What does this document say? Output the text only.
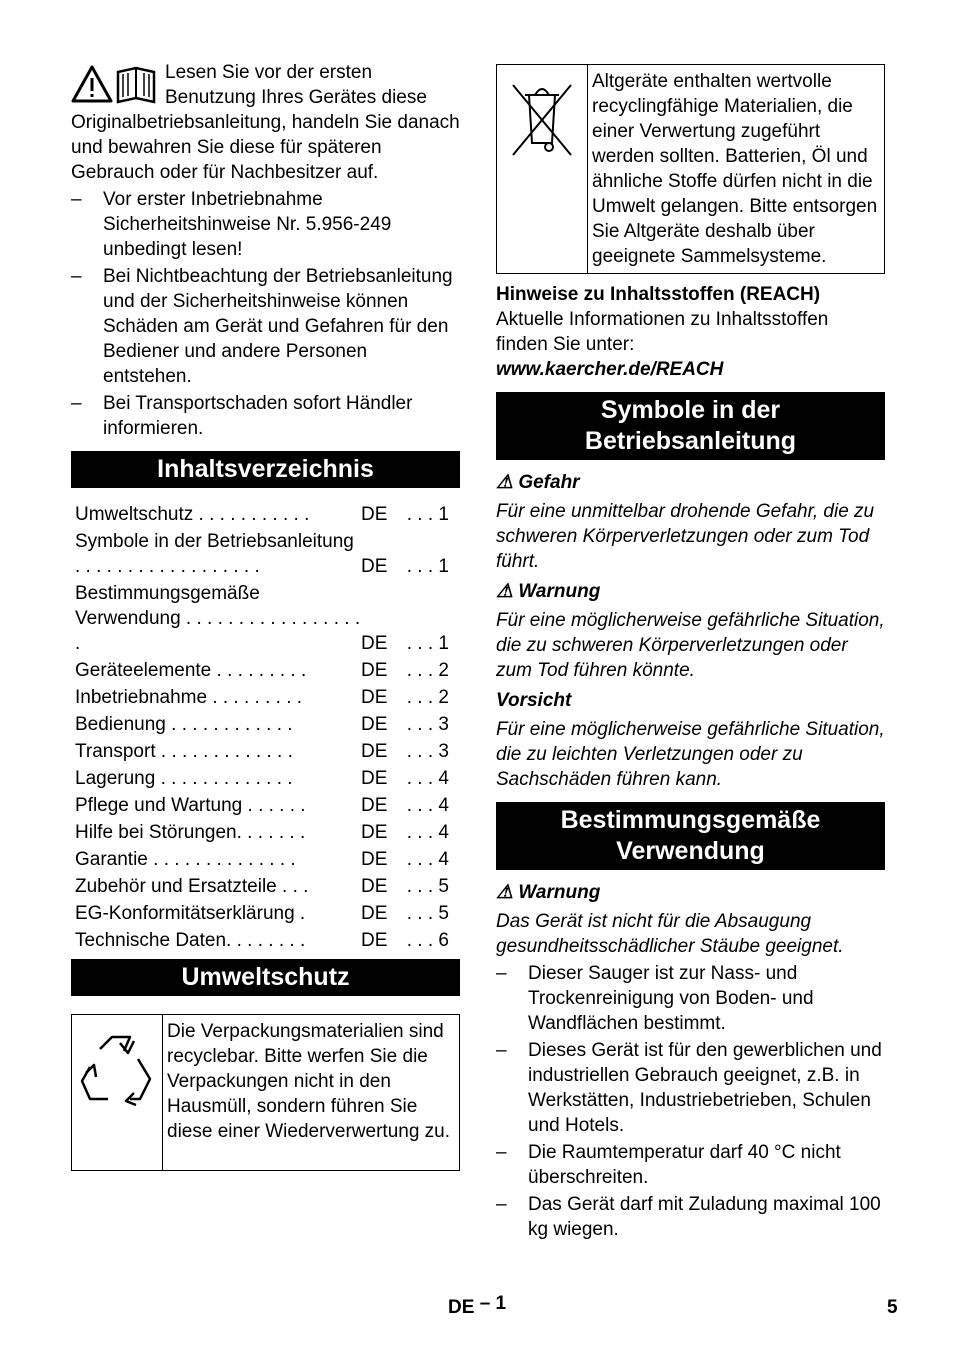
Lesen Sie vor der ersten Benutzung Ihres Gerätes diese Originalbetriebsanleitung, handeln Sie danach und bewahren Sie diese für späteren Gebrauch oder für Nachbesitzer auf.

–	Vor erster Inbetriebnahme Sicherheitshinweise Nr. 5.956-249 unbedingt lesen!
–	Bei Nichtbeachtung der Betriebsanleitung und der Sicherheitshinweise können Schäden am Gerät und Gefahren für den Bediener und andere Personen entstehen.
–	Bei Transportschaden sofort Händler informieren.
Inhaltsverzeichnis
Umweltschutz . . . . . . . . . . .	DE	. . . 1
Symbole in der Betriebsanleitung . . . . . . . . . . . . . . . . . .	DE	. . . 1
Bestimmungsgemäße Verwendung . . . . . . . . . . . . . . . . . .	DE	. . . 1
Geräteelemente . . . . . . . . .	DE	. . . 2
Inbetriebnahme . . . . . . . . .	DE	. . . 2
Bedienung . . . . . . . . . . . .	DE	. . . 3
Transport . . . . . . . . . . . . .	DE	. . . 3
Lagerung . . . . . . . . . . . . .	DE	. . . 4
Pflege und Wartung . . . . . .	DE	. . . 4
Hilfe bei Störungen. . . . . . .	DE	. . . 4
Garantie . . . . . . . . . . . . . .	DE	. . . 4
Zubehör und Ersatzteile . . .	DE	. . . 5
EG-Konformitätserklärung .	DE	. . . 5
Technische Daten. . . . . . . .	DE	. . . 6
Umweltschutz

Die Verpackungsmaterialien sind recyclebar. Bitte werfen Sie die Verpackungen nicht in den Hausmüll, sondern führen Sie diese einer Wiederverwertung zu.

Altgeräte enthalten wertvolle recyclingfähige Materialien, die einer Verwertung zugeführt werden sollten. Batterien, Öl und ähnliche Stoffe dürfen nicht in die Umwelt gelangen. Bitte entsorgen Sie Altgeräte deshalb über geeignete Sammelsysteme.

Hinweise zu Inhaltsstoffen (REACH)

Aktuelle Informationen zu Inhaltsstoffen finden Sie unter:

www.kaercher.de/REACH

Symbole in der Betriebsanleitung
⚠ Gefahr

Für eine unmittelbar drohende Gefahr, die zu schweren Körperverletzungen oder zum Tod führt.

⚠ Warnung

Für eine möglicherweise gefährliche Situation, die zu schweren Körperverletzungen oder zum Tod führen könnte.

Vorsicht

Für eine möglicherweise gefährliche Situation, die zu leichten Verletzungen oder zu Sachschäden führen kann.

Bestimmungsgemäße Verwendung
⚠ Warnung

Das Gerät ist nicht für die Absaugung gesundheitsschädlicher Stäube geeignet.

–	Dieser Sauger ist zur Nass- und Trockenreinigung von Boden- und Wandflächen bestimmt.
–	Dieses Gerät ist für den gewerblichen und industriellen Gebrauch geeignet, z.B. in Werkstätten, Industriebetrieben, Schulen und Hotels.
–	Die Raumtemperatur darf 40 °C nicht überschreiten.
–	Das Gerät darf mit Zuladung maximal 100 kg wiegen.
DE – 1	5
